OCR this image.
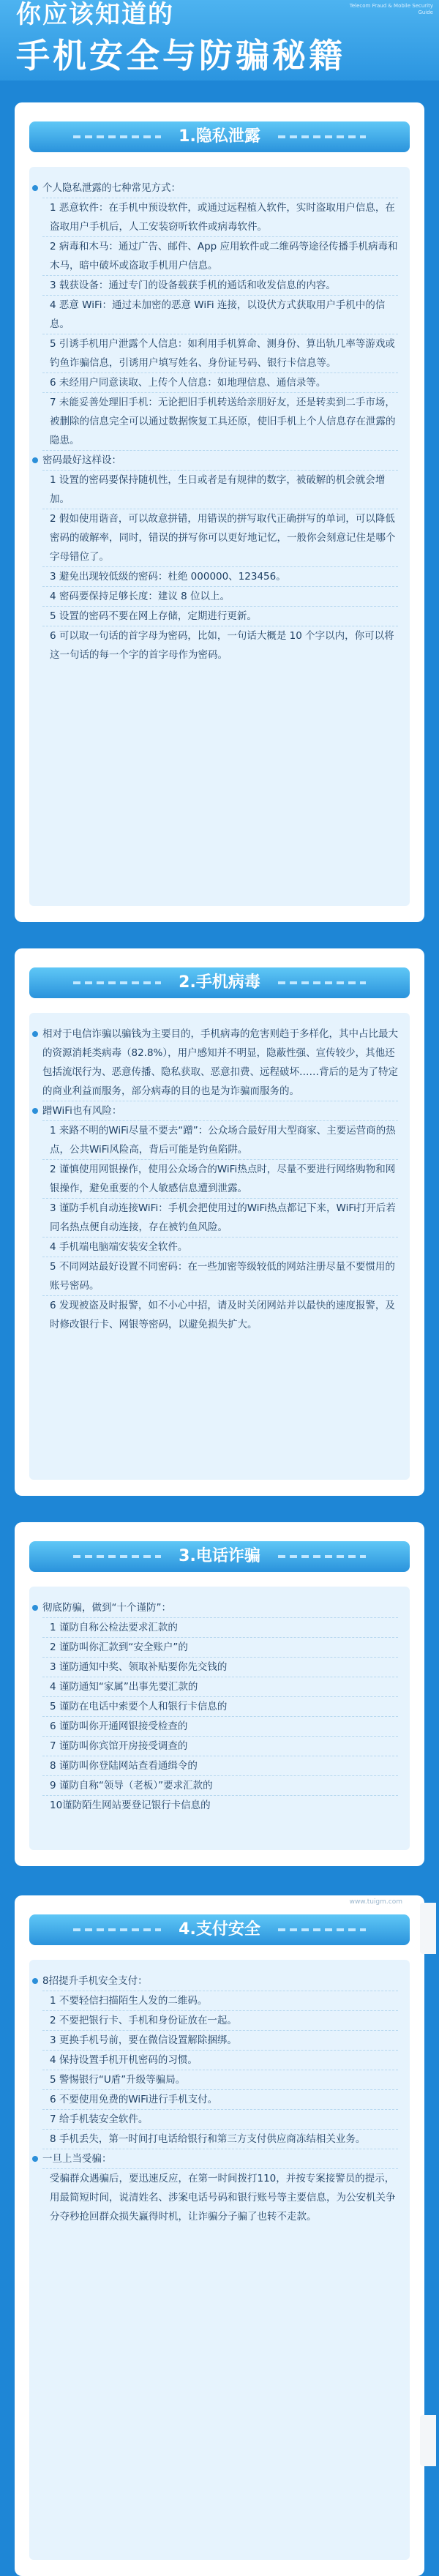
你应该知道的
手机安全与防骗秘籍
Telecom Fraud & Mobile Security Guide
1.隐私泄露
个人隐私泄露的七种常见方式：
1 恶意软件：在手机中预设软件，或通过远程植入软件，实时盗取用户信息，在盗取用户手机后，人工安装窃听软件或病毒软件。
2 病毒和木马：通过广告、邮件、App 应用软件或二维码等途径传播手机病毒和木马，暗中破坏或盗取手机用户信息。
3 载获设备：通过专门的设备载获手机的通话和收发信息的内容。
4 恶意 WiFi：通过未加密的恶意 WiFi 连接，以设伏方式获取用户手机中的信息。
5 引诱手机用户泄露个人信息：如利用手机算命、测身份、算出轨几率等游戏或钓鱼诈骗信息，引诱用户填写姓名、身份证号码、银行卡信息等。
6 未经用户同意读取、上传个人信息：如地理信息、通信录等。
7 未能妥善处理旧手机：无论把旧手机转送给亲朋好友，还是转卖到二手市场，被删除的信息完全可以通过数据恢复工具还原，使旧手机上个人信息存在泄露的隐患。
密码最好这样设：
1 设置的密码要保持随机性，生日或者是有规律的数字，被破解的机会就会增加。
2 假如使用谐音，可以故意拼错，用错误的拼写取代正确拼写的单词，可以降低密码的破解率，同时，错误的拼写你可以更好地记忆，一般你会刻意记住是哪个字母错位了。
3 避免出现较低级的密码：杜绝 000000、123456。
4 密码要保持足够长度：建议 8 位以上。
5 设置的密码不要在网上存储，定期进行更新。
6 可以取一句话的首字母为密码，比如，一句话大概是 10 个字以内，你可以将这一句话的每一个字的首字母作为密码。
2.手机病毒
相对于电信诈骗以骗钱为主要目的，手机病毒的危害则趋于多样化，其中占比最大的资源消耗类病毒（82.8%），用户感知并不明显，隐蔽性强、宣传较少，其他还包括流氓行为、恶意传播、隐私获取、恶意扣费、远程破坏……背后的是为了特定的商业利益而服务，部分病毒的目的也是为诈骗而服务的。
蹭WiFi也有风险：
1 来路不明的WiFi尽量不要去“蹭”：公众场合最好用大型商家、主要运营商的热点，公共WiFi风险高，背后可能是钓鱼陷阱。
2 谨慎使用网银操作，使用公众场合的WiFi热点时，尽量不要进行网络购物和网银操作，避免重要的个人敏感信息遭到泄露。
3 谨防手机自动连接WiFi：手机会把使用过的WiFi热点都记下来，WiFi打开后若同名热点便自动连接，存在被钓鱼风险。
4 手机端电脑端安装安全软件。
5 不同网站最好设置不同密码：在一些加密等级较低的网站注册尽量不要惯用的账号密码。
6 发现被盗及时报警，如不小心中招，请及时关闭网站并以最快的速度报警，及时修改银行卡、网银等密码，以避免损失扩大。
3.电话诈骗
彻底防骗，做到“十个谨防”：
1 谨防自称公检法要求汇款的
2 谨防叫你汇款到“安全账户”的
3 谨防通知中奖、领取补贴要你先交钱的
4 谨防通知“家属”出事先要汇款的
5 谨防在电话中索要个人和银行卡信息的
6 谨防叫你开通网银接受检查的
7 谨防叫你宾馆开房接受调查的
8 谨防叫你登陆网站查看通缉令的
9 谨防自称“领导（老板）”要求汇款的
10谨防陌生网站要登记银行卡信息的
4.支付安全
8招提升手机安全支付：
1 不要轻信扫描陌生人发的二维码。
2 不要把银行卡、手机和身份证放在一起。
3 更换手机号前，要在微信设置解除捆绑。
4 保持设置手机开机密码的习惯。
5 警惕银行“U盾”升级等骗局。
6 不要使用免费的WiFi进行手机支付。
7 给手机装安全软件。
8 手机丢失，第一时间打电话给银行和第三方支付供应商冻结相关业务。
一旦上当受骗：
受骗群众遇骗后，要迅速反应，在第一时间拨打110，并按专案接警员的提示，用最简短时间，说清姓名、涉案电话号码和银行账号等主要信息，为公安机关争分夺秒抢回群众损失赢得时机，让诈骗分子骗了也转不走款。
www.tuigm.com
